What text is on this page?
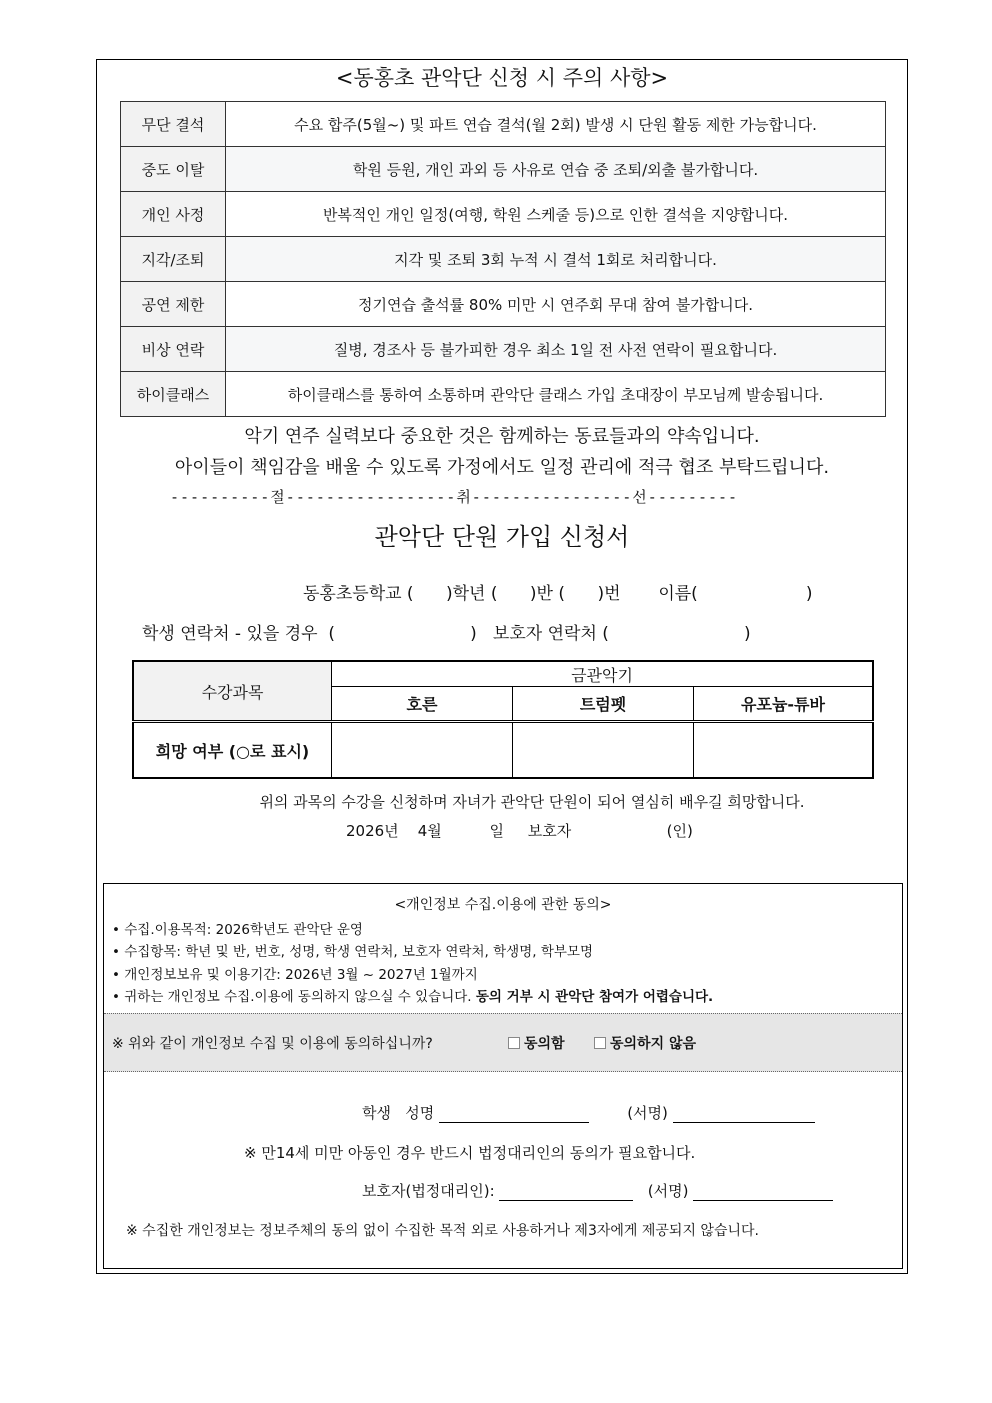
<동홍초 관악단 신청 시 주의 사항>
무단 결석	수요 합주(5월~) 및 파트 연습 결석(월 2회) 발생 시 단원 활동 제한 가능합니다.
중도 이탈	학원 등원, 개인 과외 등 사유로 연습 중 조퇴/외출 불가합니다.
개인 사정	반복적인 개인 일정(여행, 학원 스케줄 등)으로 인한 결석을 지양합니다.
지각/조퇴	지각 및 조퇴 3회 누적 시 결석 1회로 처리합니다.
공연 제한	정기연습 출석률 80% 미만 시 연주회 무대 참여 불가합니다.
비상 연락	질병, 경조사 등 불가피한 경우 최소 1일 전 사전 연락이 필요합니다.
하이클래스	하이클래스를 통하여 소통하며 관악단 클래스 가입 초대장이 부모님께 발송됩니다.
악기 연주 실력보다 중요한 것은 함께하는 동료들과의 약속입니다.
아이들이 책임감을 배울 수 있도록 가정에서도 일정 관리에 적극 협조 부탁드립니다.
----------절-----------------취----------------선---------
관악단 단원 가입 신청서
동홍초등학교 (      )학년 (      )반 (      )번       이름(                    )
학생 연락처 - 있을 경우  (                         )   보호자 연락처 (                         )
수강과목	금관악기		
	호른	트럼펫	유포늄-튜바
희망 여부 (○로 표시)			
위의 과목의 수강을 신청하며 자녀가 관악단 단원이 되어 열심히 배우길 희망합니다.
2026년    4월          일     보호자                    (인)
<개인정보 수집.이용에 관한 동의>
• 수집.이용목적: 2026학년도 관악단 운영
• 수집항목: 학년 및 반, 번호, 성명, 학생 연락처, 보호자 연락처, 학생명, 학부모명
• 개인정보보유 및 이용기간: 2026년 3월 ~ 2027년 1월까지
• 귀하는 개인정보 수집.이용에 동의하지 않으실 수 있습니다. 동의 거부 시 관악단 참여가 어렵습니다.
※ 위와 같이 개인정보 수집 및 이용에 동의하십니까?	동의함	동의하지 않음
학생   성명	(서명)
※ 만14세 미만 아동인 경우 반드시 법정대리인의 동의가 필요합니다.
보호자(법정대리인):	(서명)
※ 수집한 개인정보는 정보주체의 동의 없이 수집한 목적 외로 사용하거나 제3자에게 제공되지 않습니다.
